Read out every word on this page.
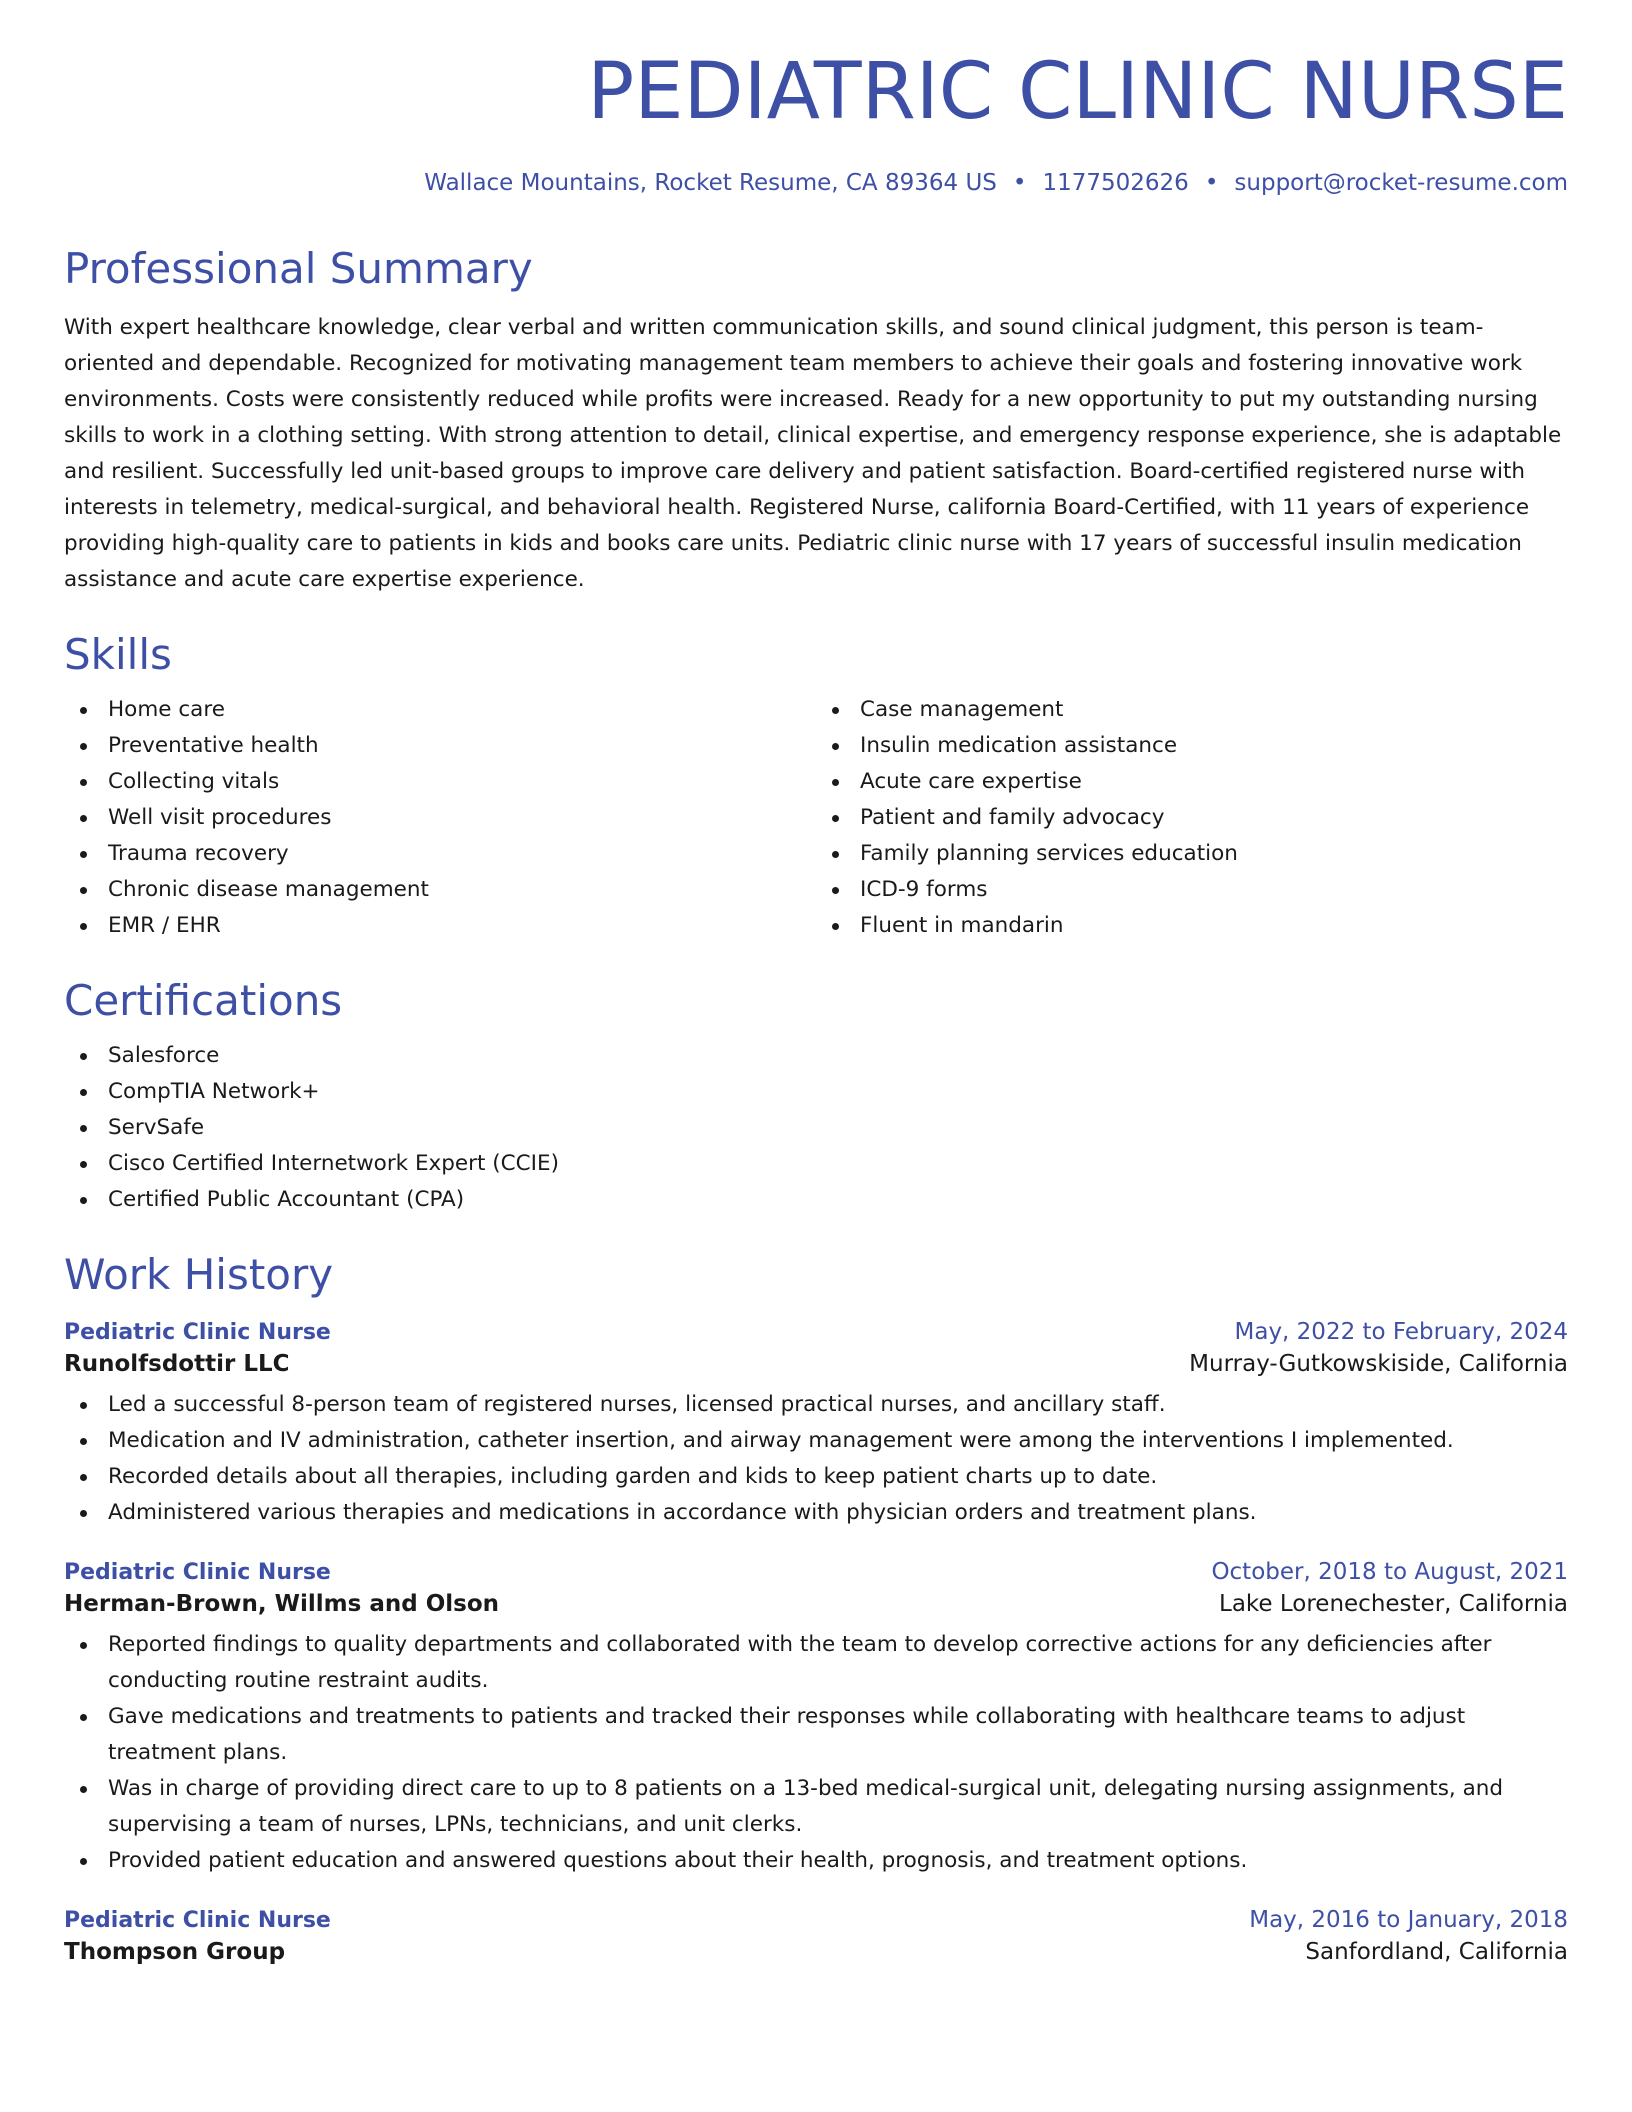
PEDIATRIC CLINIC NURSE
Wallace Mountains, Rocket Resume, CA 89364 US • 1177502626 • support@rocket-resume.com
Professional Summary

With expert healthcare knowledge, clear verbal and written communication skills, and sound clinical judgment, this person is team-oriented and dependable. Recognized for motivating management team members to achieve their goals and fostering innovative work environments. Costs were consistently reduced while profits were increased. Ready for a new opportunity to put my outstanding nursing skills to work in a clothing setting. With strong attention to detail, clinical expertise, and emergency response experience, she is adaptable and resilient. Successfully led unit-based groups to improve care delivery and patient satisfaction. Board-certified registered nurse with interests in telemetry, medical-surgical, and behavioral health. Registered Nurse, california Board-Certified, with 11 years of experience providing high-quality care to patients in kids and books care units. Pediatric clinic nurse with 17 years of successful insulin medication assistance and acute care expertise experience.

Skills
Home care
Preventative health
Collecting vitals
Well visit procedures
Trauma recovery
Chronic disease management
EMR / EHR
Case management
Insulin medication assistance
Acute care expertise
Patient and family advocacy
Family planning services education
ICD-9 forms
Fluent in mandarin
Certifications
Salesforce
CompTIA Network+
ServSafe
Cisco Certified Internetwork Expert (CCIE)
Certified Public Accountant (CPA)
Work History
Pediatric Clinic Nurse	May, 2022 to February, 2024
Runolfsdottir LLC	Murray-Gutkowskiside, California
Led a successful 8-person team of registered nurses, licensed practical nurses, and ancillary staff.
Medication and IV administration, catheter insertion, and airway management were among the interventions I implemented.
Recorded details about all therapies, including garden and kids to keep patient charts up to date.
Administered various therapies and medications in accordance with physician orders and treatment plans.
Pediatric Clinic Nurse	October, 2018 to August, 2021
Herman-Brown, Willms and Olson	Lake Lorenechester, California
Reported findings to quality departments and collaborated with the team to develop corrective actions for any deficiencies after conducting routine restraint audits.
Gave medications and treatments to patients and tracked their responses while collaborating with healthcare teams to adjust treatment plans.
Was in charge of providing direct care to up to 8 patients on a 13-bed medical-surgical unit, delegating nursing assignments, and supervising a team of nurses, LPNs, technicians, and unit clerks.
Provided patient education and answered questions about their health, prognosis, and treatment options.
Pediatric Clinic Nurse	May, 2016 to January, 2018
Thompson Group	Sanfordland, California
